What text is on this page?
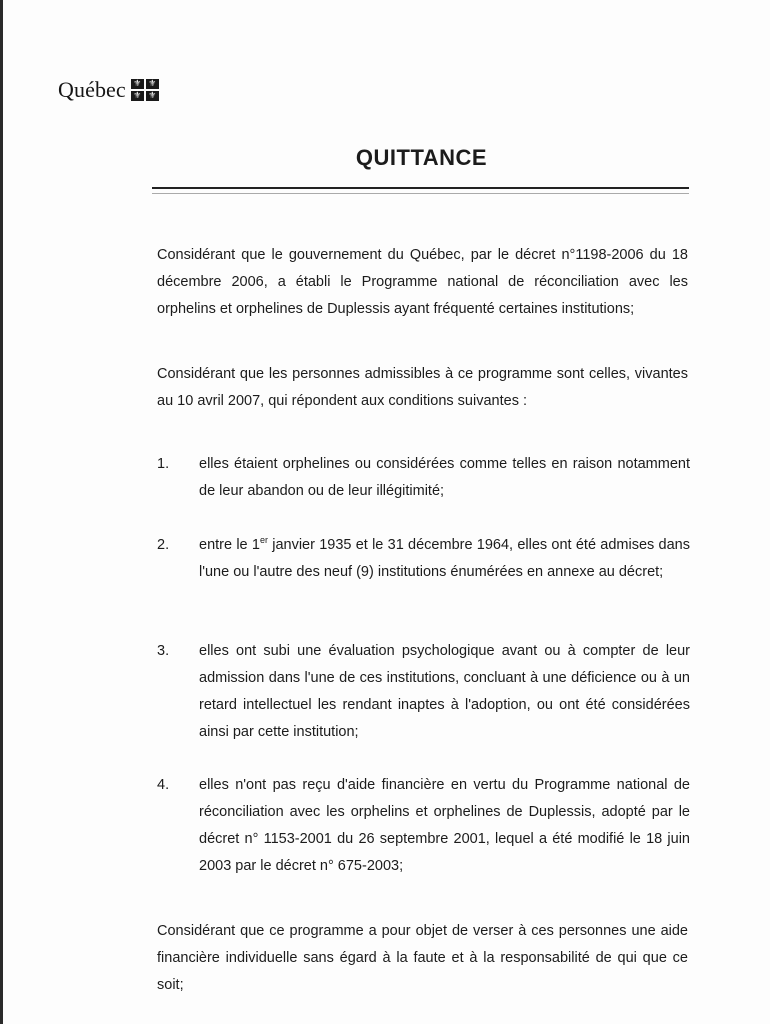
Québec ⚜ ⚜
⚜ ⚜
QUITTANCE
Considérant que le gouvernement du Québec, par le décret n°1198-2006 du 18 décembre 2006, a établi le Programme national de réconciliation avec les orphelins et orphelines de Duplessis ayant fréquenté certaines institutions;
Considérant que les personnes admissibles à ce programme sont celles, vivantes au 10 avril 2007, qui répondent aux conditions suivantes :
1. elles étaient orphelines ou considérées comme telles en raison notamment de leur abandon ou de leur illégitimité;
2. entre le 1er janvier 1935 et le 31 décembre 1964, elles ont été admises dans l'une ou l'autre des neuf (9) institutions énumérées en annexe au décret;
3. elles ont subi une évaluation psychologique avant ou à compter de leur admission dans l'une de ces institutions, concluant à une déficience ou à un retard intellectuel les rendant inaptes à l'adoption, ou ont été considérées ainsi par cette institution;
4. elles n'ont pas reçu d'aide financière en vertu du Programme national de réconciliation avec les orphelins et orphelines de Duplessis, adopté par le décret n° 1153-2001 du 26 septembre 2001, lequel a été modifié le 18 juin 2003 par le décret n° 675-2003;
Considérant que ce programme a pour objet de verser à ces personnes une aide financière individuelle sans égard à la faute et à la responsabilité de qui que ce soit;
